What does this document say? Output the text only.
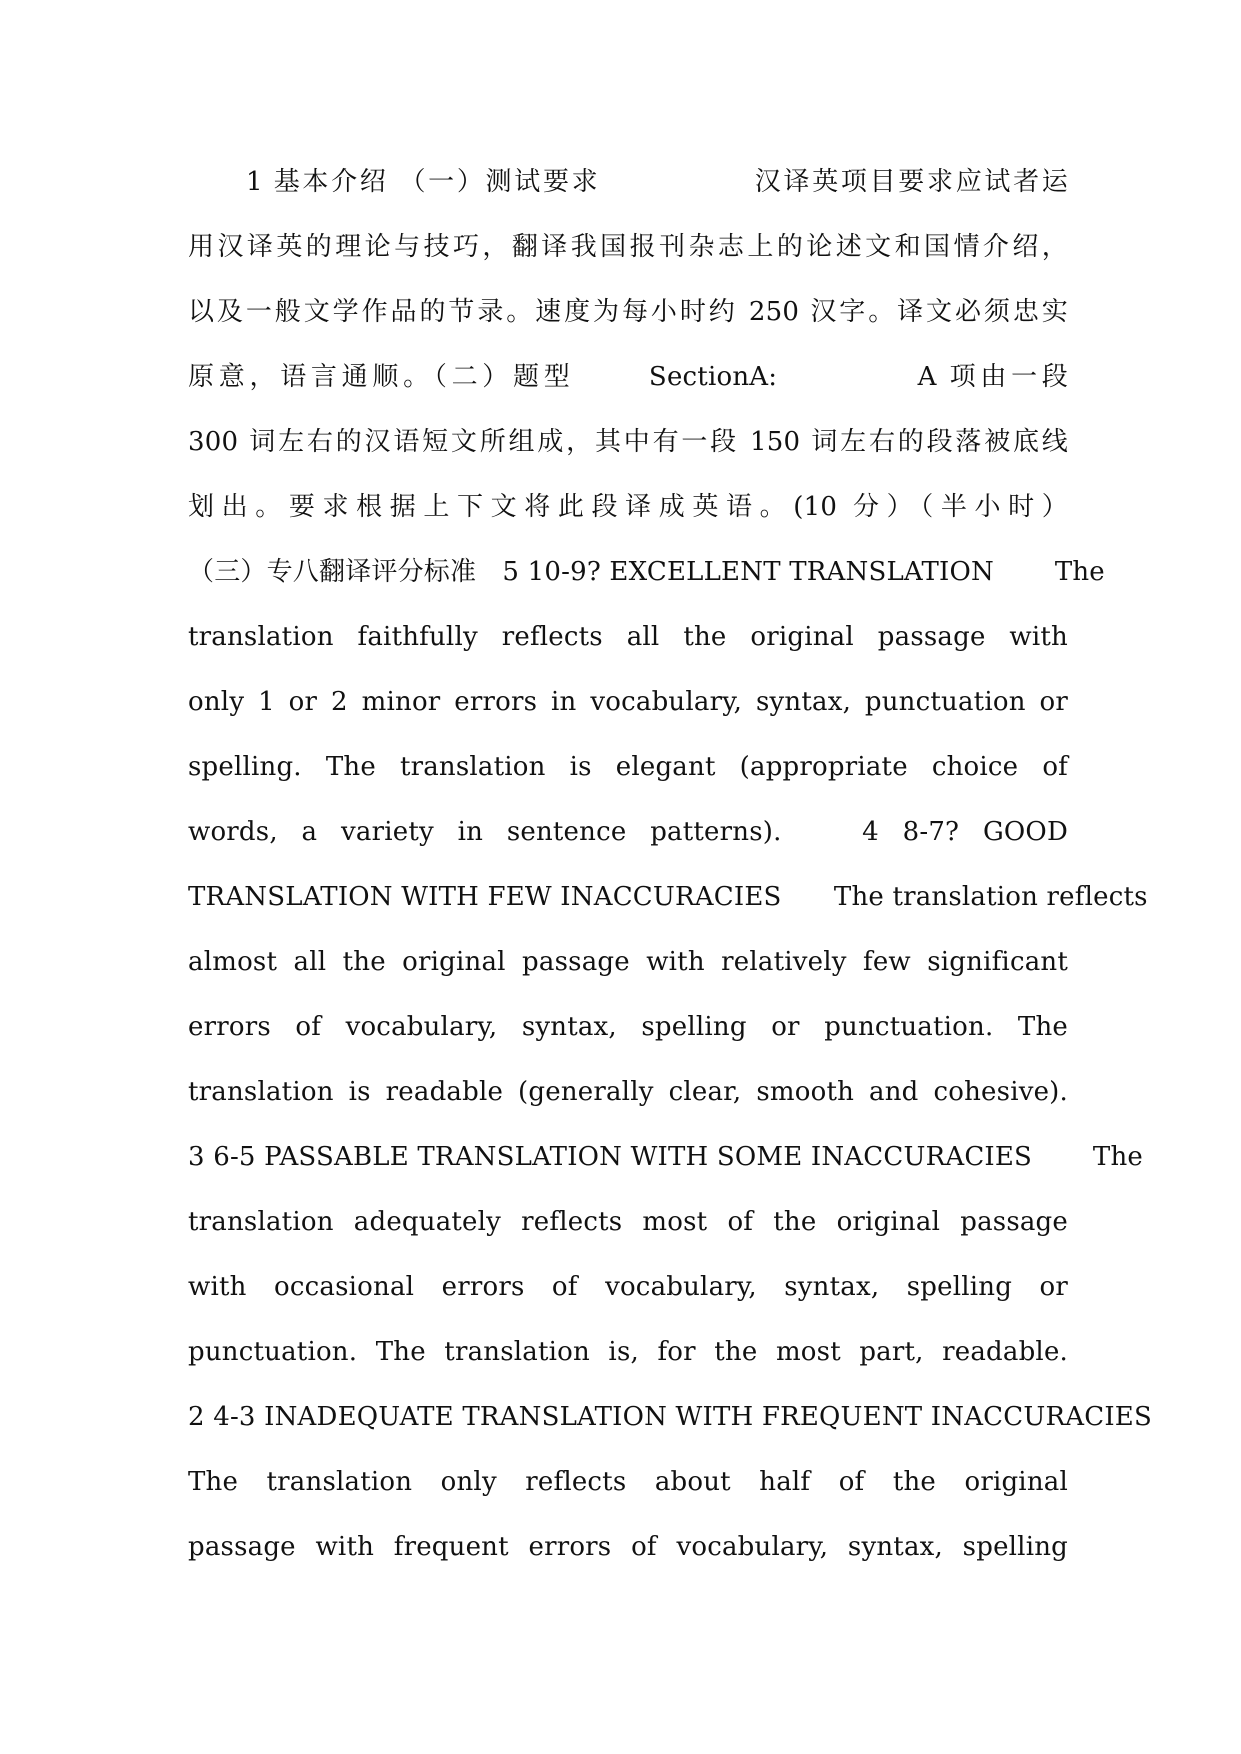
1 基本介绍 （一）测试要求　　　　　 汉译英项目要求应试者运
用汉译英的理论与技巧，翻译我国报刊杂志上的论述文和国情介绍，
以及一般文学作品的节录。速度为每小时约 250 汉字。译文必须忠实
原意，语言通顺。（二）题型　　 SectionA:　　　　 A 项由一段
300 词左右的汉语短文所组成，其中有一段 150 词左右的段落被底线
划出。要求根据上下文将此段译成英语。(10 分）（半小时）
（三）专八翻译评分标准　5 10-9? EXCELLENT TRANSLATION　　 The
translation faithfully reflects all the original passage with
only 1 or 2 minor errors in vocabulary, syntax, punctuation or
spelling. The translation is elegant (appropriate choice of
words, a variety in sentence patterns).　 4 8-7? GOOD
TRANSLATION WITH FEW INACCURACIES　　The translation reflects
almost all the original passage with relatively few significant
errors of vocabulary, syntax, spelling or punctuation. The
translation is readable (generally clear, smooth and cohesive).
3 6-5 PASSABLE TRANSLATION WITH SOME INACCURACIES　　 The
translation adequately reflects most of the original passage
with occasional errors of vocabulary, syntax, spelling or
punctuation. The translation is, for the most part, readable.
2 4-3 INADEQUATE TRANSLATION WITH FREQUENT INACCURACIES
The translation only reflects about half of the original
passage with frequent errors of vocabulary, syntax, spelling
